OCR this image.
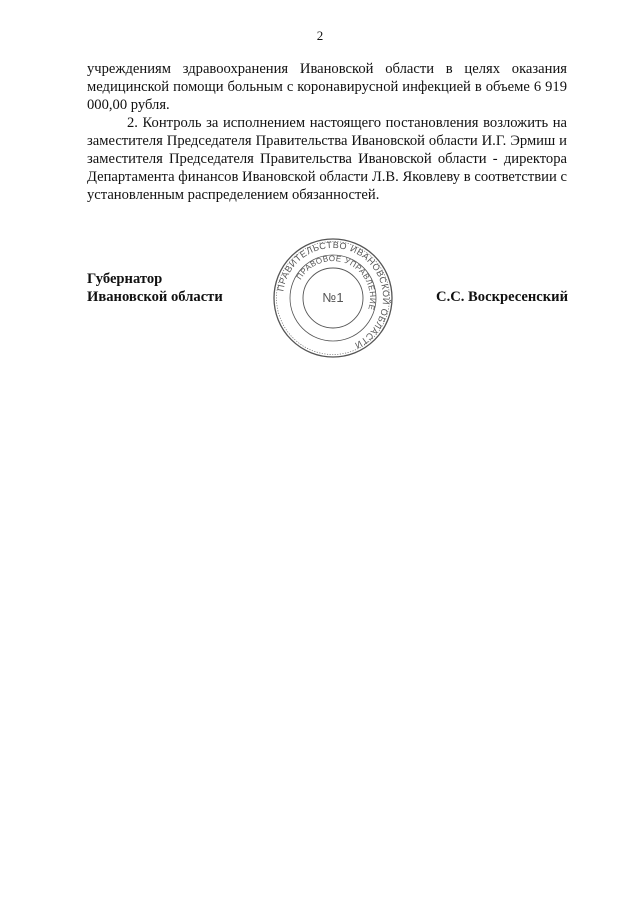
2

учреждениям здравоохранения Ивановской области в целях оказания медицинской помощи больным с коронавирусной инфекцией в объеме 6 919 000,00 рубля.

2. Контроль за исполнением настоящего постановления возложить на заместителя Председателя Правительства Ивановской области И.Г. Эрмиш и заместителя Председателя Правительства Ивановской области - директора Департамента финансов Ивановской области Л.В. Яковлеву в соответствии с установленным распределением обязанностей.

Губернатор
Ивановской области	С.С. Воскресенский
ПРАВИТЕЛЬСТВО ИВАНОВСКОЙ ОБЛАСТИ
ПРАВОВОЕ УПРАВЛЕНИЕ
№1
